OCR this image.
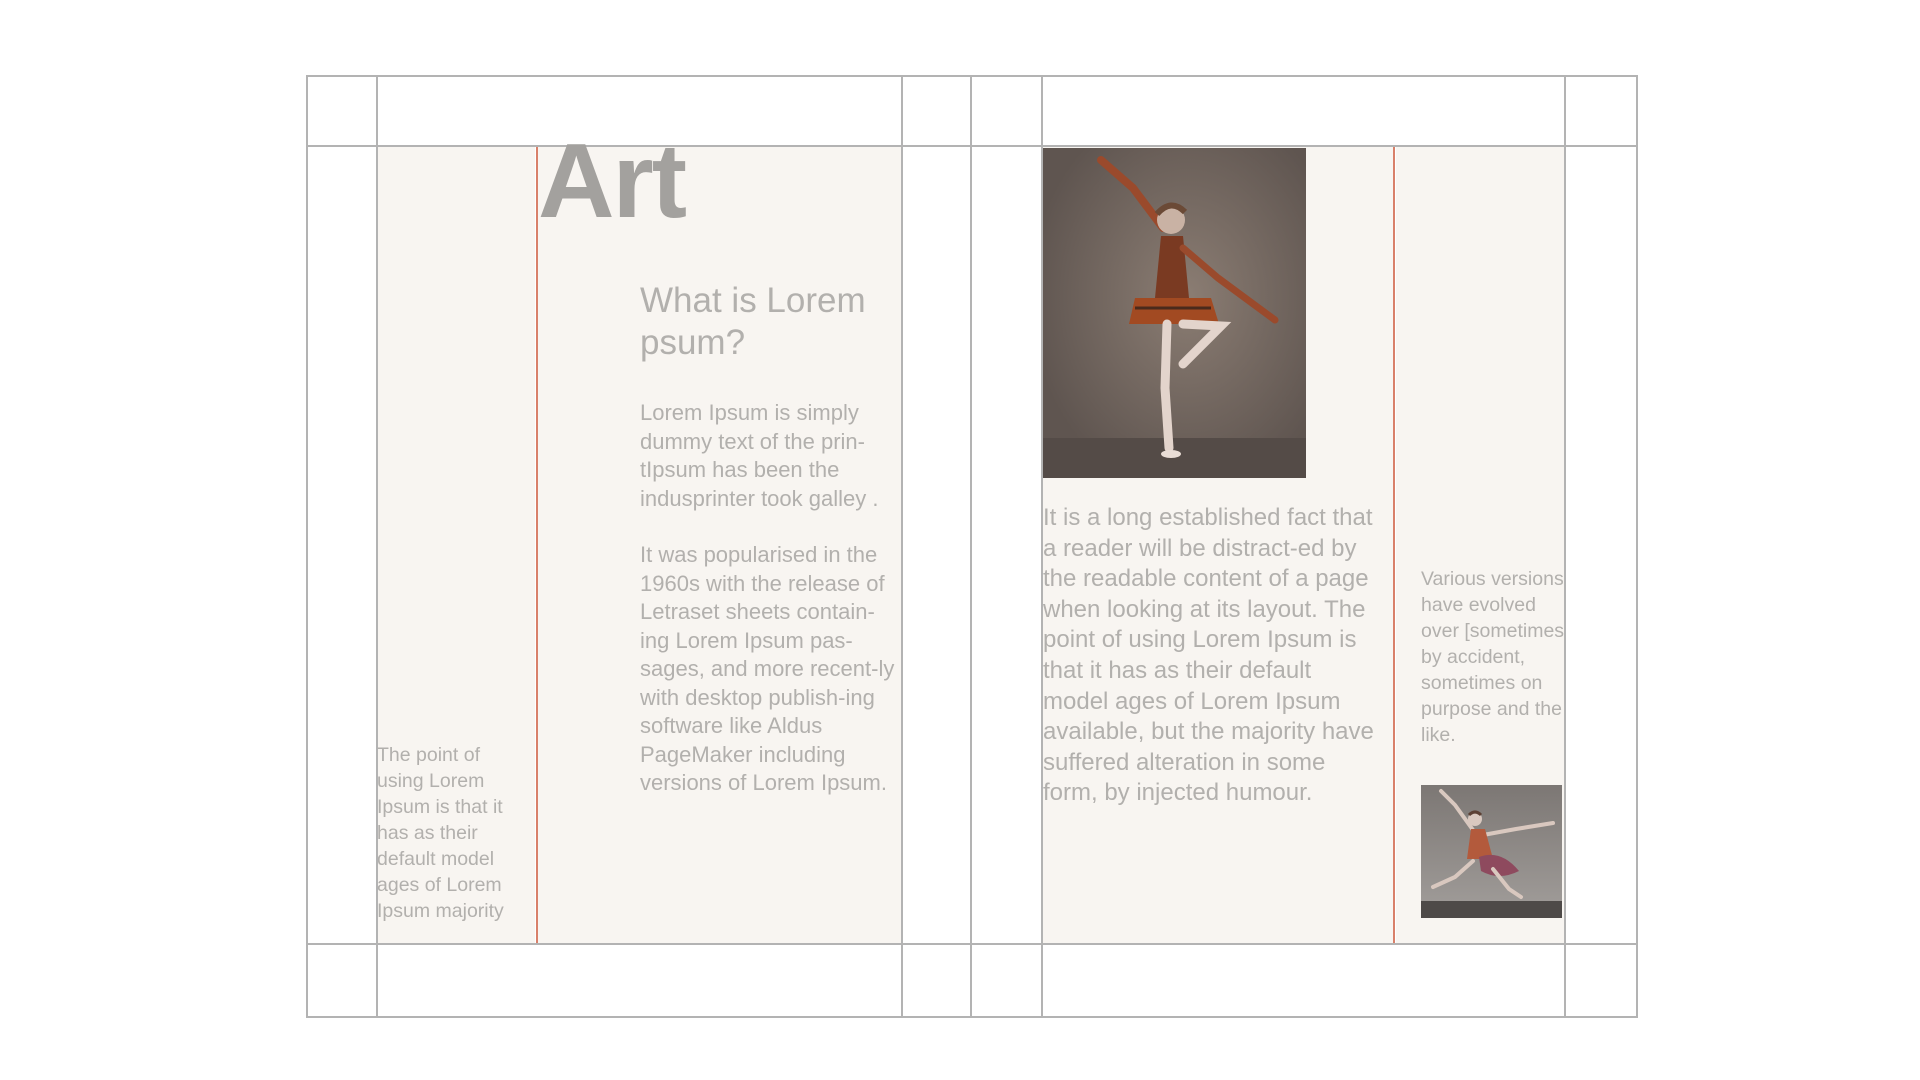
Art
What is Lorem psum?
Lorem Ipsum is simply dummy text of the prin-tIpsum has been the indusprinter took galley .
It was popularised in the 1960s with the release of Letraset sheets contain-ing Lorem Ipsum pas-sages, and more recent-ly with desktop publish-ing software like Aldus PageMaker including versions of Lorem Ipsum.
The point of using Lorem Ipsum is that it has as their default model ages of Lorem Ipsum majority
It is a long established fact that a reader will be distract-ed by the readable content of a page when looking at its layout. The point of using Lorem Ipsum is that it has as their default model ages of Lorem Ipsum available, but the majority have suffered alteration in some form, by injected humour.
Various versions have evolved over [sometimes by accident, sometimes on purpose and the like.
